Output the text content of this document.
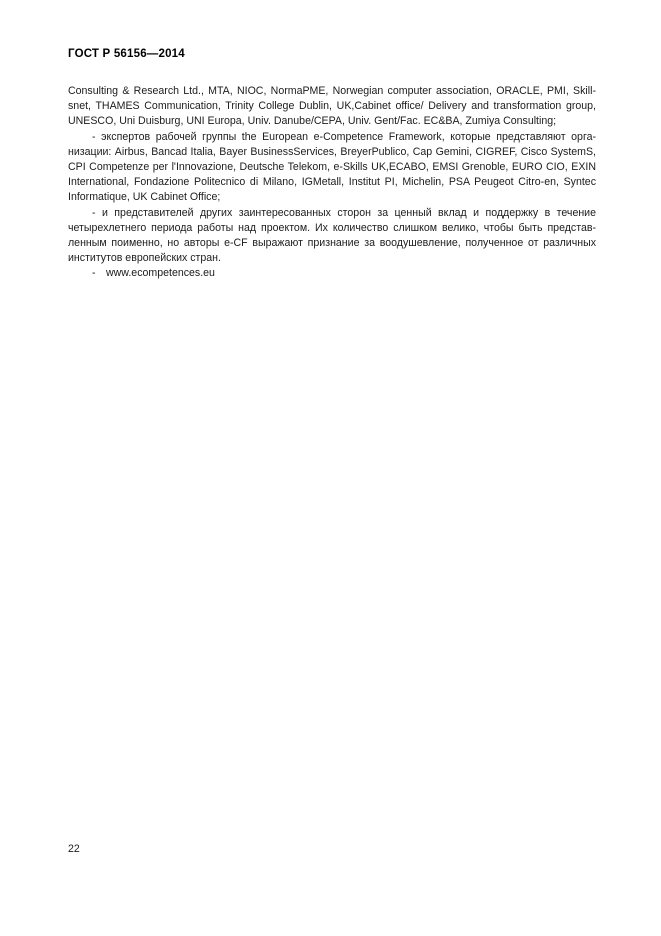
ГОСТ Р 56156—2014

Consulting & Research Ltd., MTA, NIOC, NormaPME, Norwegian computer association, ORACLE, PMI, Skill-snet, THAMES Communication, Trinity College Dublin, UK,Cabinet office/ Delivery and transformation group, UNESCO, Uni Duisburg, UNI Europa, Univ. Danube/CEPA, Univ. Gent/Fac. EC&BA, Zumiya Consulting;

- экспертов рабочей группы the European e-Competence Framework, которые представляют орга-низации: Airbus, Bancad Italia, Bayer BusinessServices, BreyerPublico, Cap Gemini, CIGREF, Cisco SystemS, CPI Competenze per l'Innovazione, Deutsche Telekom, e-Skills UK,ECABO, EMSI Grenoble, EURO CIO, EXIN International, Fondazione Politecnico di Milano, IGMetall, Institut PI, Michelin, PSA Peugeot Citro-en, Syntec Informatique, UK Cabinet Office;

- и представителей других заинтересованных сторон за ценный вклад и поддержку в течение четырехлетнего периода работы над проектом. Их количество слишком велико, чтобы быть представ-ленным поименно, но авторы e-CF выражают признание за воодушевление, полученное от различных институтов европейских стран.

- www.ecompetences.eu

22
